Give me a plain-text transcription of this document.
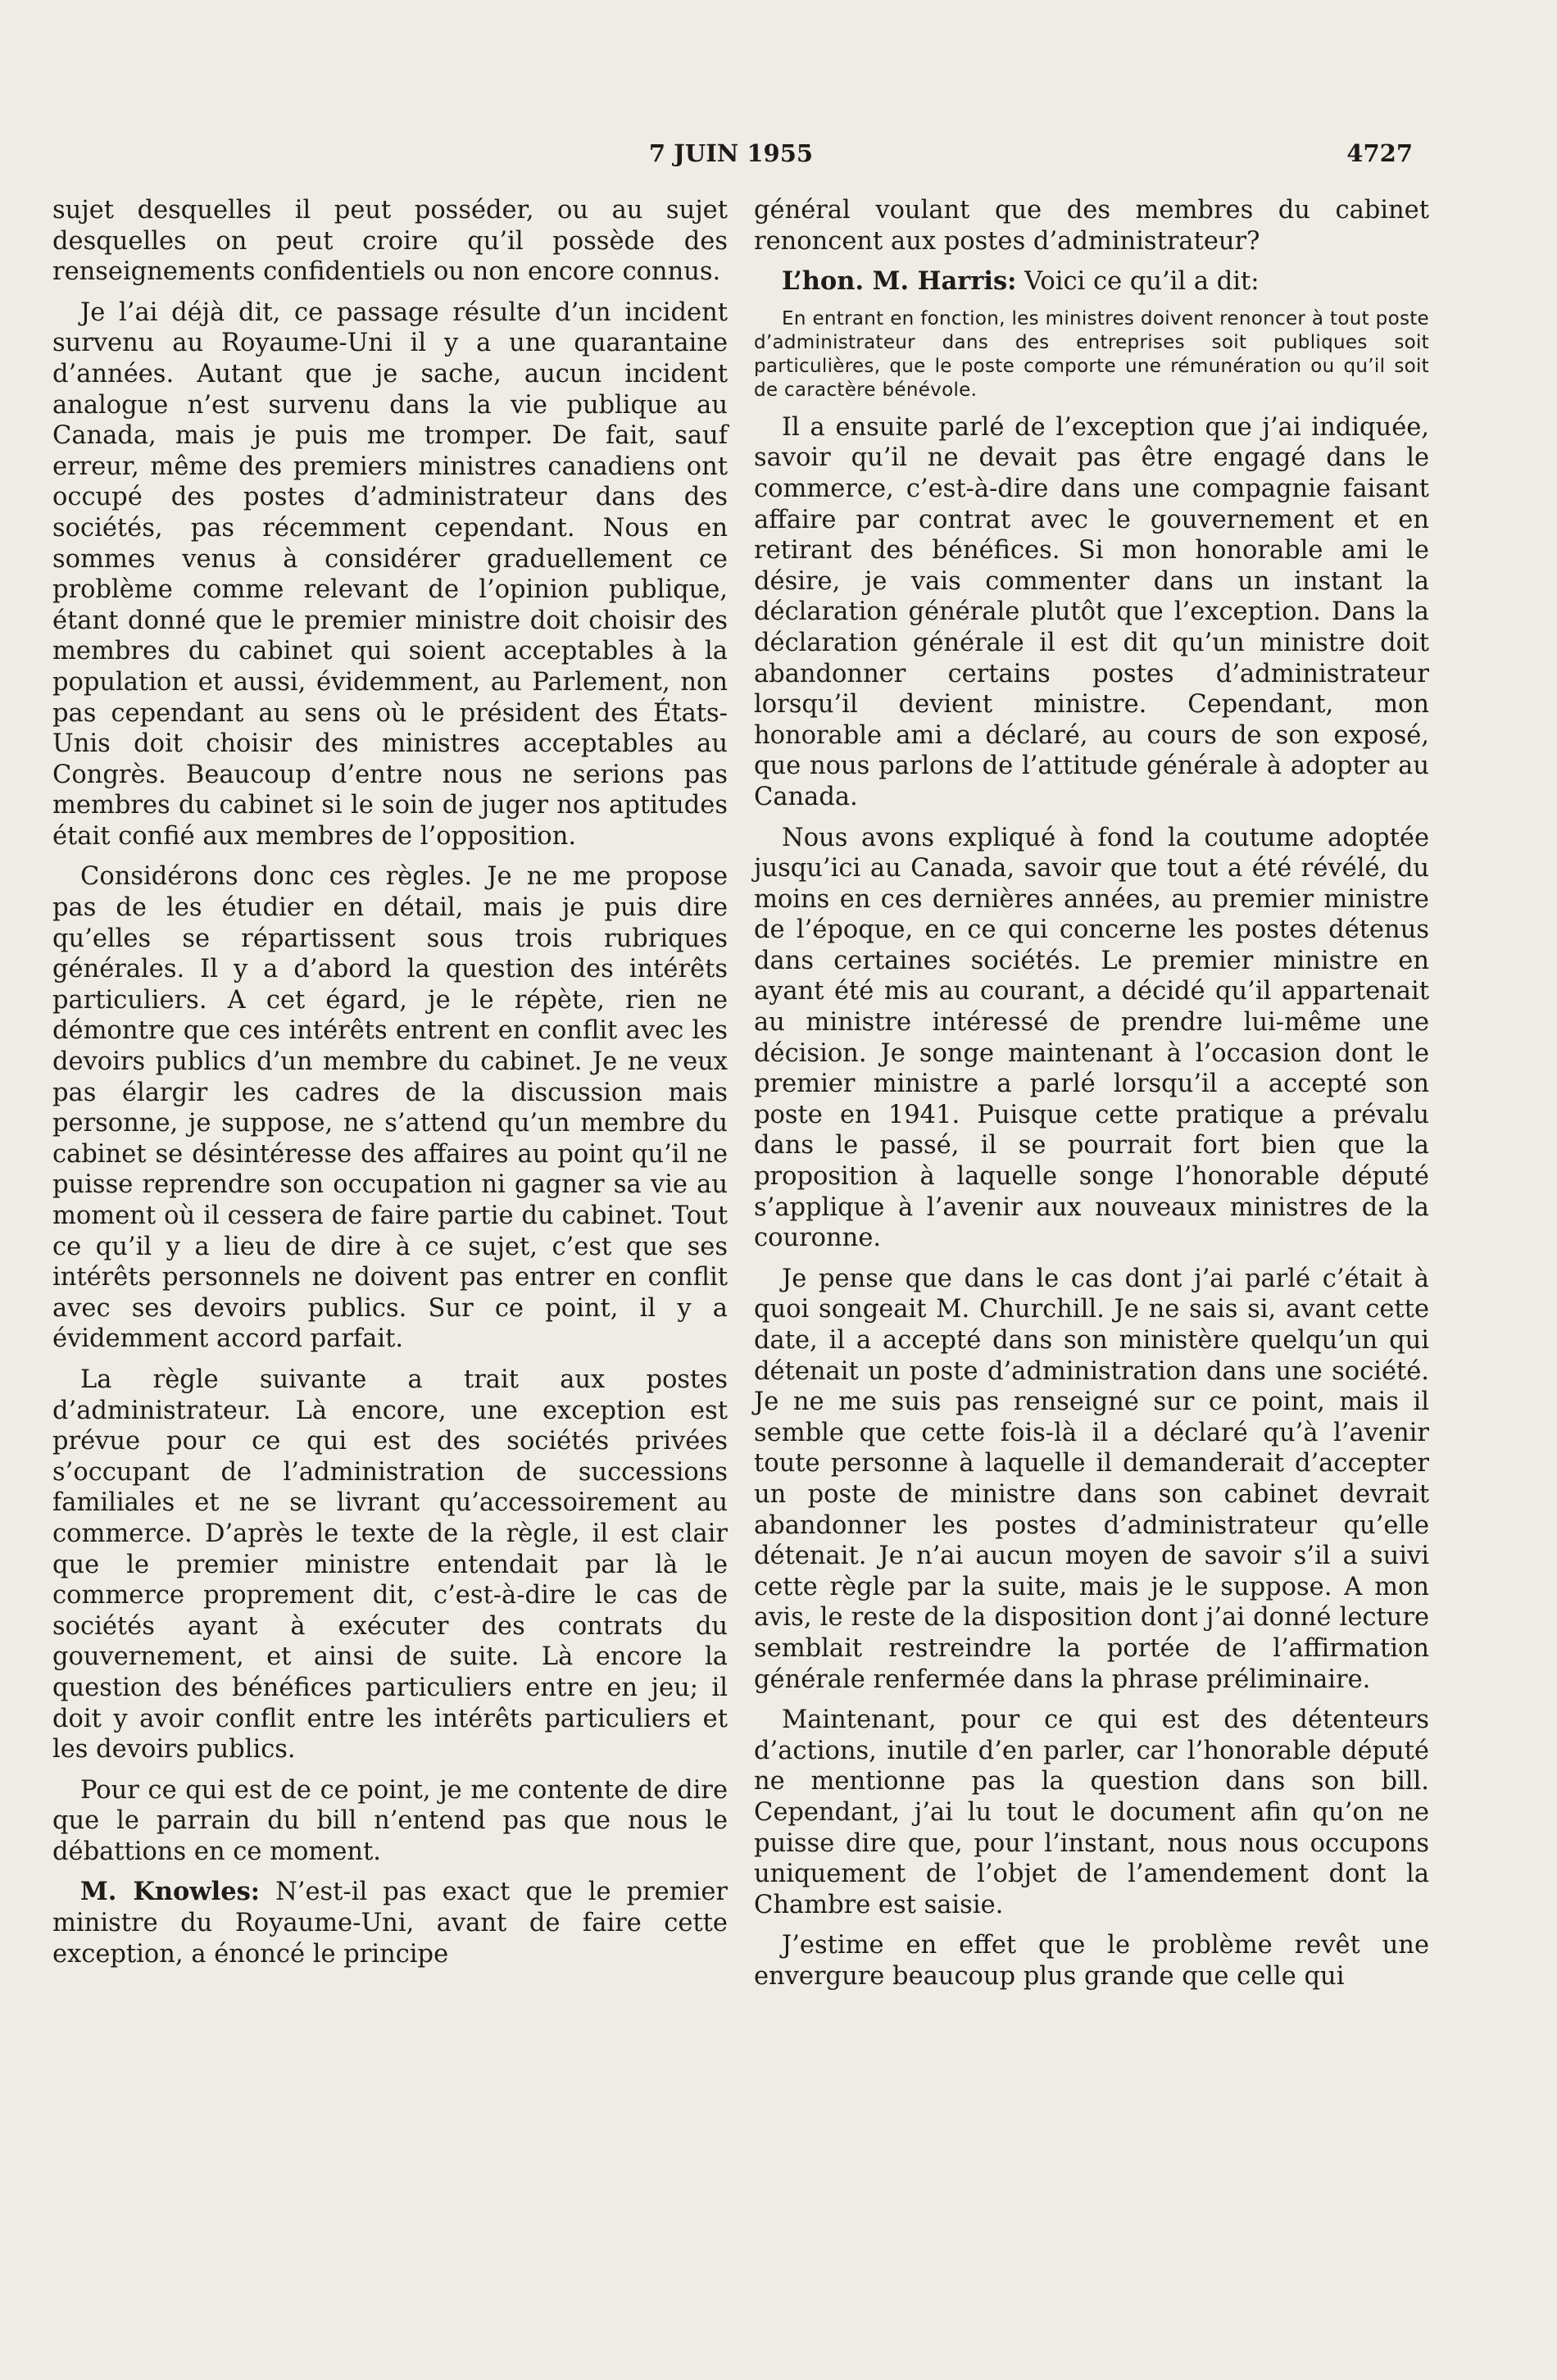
7 JUIN 1955	4727

sujet desquelles il peut posséder, ou au sujet desquelles on peut croire qu’il possède des renseignements confidentiels ou non encore connus.

Je l’ai déjà dit, ce passage résulte d’un incident survenu au Royaume-Uni il y a une quarantaine d’années. Autant que je sache, aucun incident analogue n’est survenu dans la vie publique au Canada, mais je puis me tromper. De fait, sauf erreur, même des premiers ministres canadiens ont occupé des postes d’administrateur dans des sociétés, pas récemment cependant. Nous en sommes venus à considérer graduellement ce problème comme relevant de l’opinion publique, étant donné que le premier ministre doit choisir des membres du cabinet qui soient acceptables à la population et aussi, évidemment, au Parlement, non pas cependant au sens où le président des États-Unis doit choisir des ministres acceptables au Congrès. Beaucoup d’entre nous ne serions pas membres du cabinet si le soin de juger nos aptitudes était confié aux membres de l’opposition.

Considérons donc ces règles. Je ne me propose pas de les étudier en détail, mais je puis dire qu’elles se répartissent sous trois rubriques générales. Il y a d’abord la question des intérêts particuliers. A cet égard, je le répète, rien ne démontre que ces intérêts entrent en conflit avec les devoirs publics d’un membre du cabinet. Je ne veux pas élargir les cadres de la discussion mais personne, je suppose, ne s’attend qu’un membre du cabinet se désintéresse des affaires au point qu’il ne puisse reprendre son occupation ni gagner sa vie au moment où il cessera de faire partie du cabinet. Tout ce qu’il y a lieu de dire à ce sujet, c’est que ses intérêts personnels ne doivent pas entrer en conflit avec ses devoirs publics. Sur ce point, il y a évidemment accord parfait.

La règle suivante a trait aux postes d’administrateur. Là encore, une exception est prévue pour ce qui est des sociétés privées s’occupant de l’administration de successions familiales et ne se livrant qu’accessoirement au commerce. D’après le texte de la règle, il est clair que le premier ministre entendait par là le commerce proprement dit, c’est-à-dire le cas de sociétés ayant à exécuter des contrats du gouvernement, et ainsi de suite. Là encore la question des bénéfices particuliers entre en jeu; il doit y avoir conflit entre les intérêts particuliers et les devoirs publics.

Pour ce qui est de ce point, je me contente de dire que le parrain du bill n’entend pas que nous le débattions en ce moment.

M. Knowles: N’est-il pas exact que le premier ministre du Royaume-Uni, avant de faire cette exception, a énoncé le principe

général voulant que des membres du cabinet renoncent aux postes d’administrateur?

L’hon. M. Harris: Voici ce qu’il a dit:

En entrant en fonction, les ministres doivent renoncer à tout poste d’administrateur dans des entreprises soit publiques soit particulières, que le poste comporte une rémunération ou qu’il soit de caractère bénévole.

Il a ensuite parlé de l’exception que j’ai indiquée, savoir qu’il ne devait pas être engagé dans le commerce, c’est-à-dire dans une compagnie faisant affaire par contrat avec le gouvernement et en retirant des bénéfices. Si mon honorable ami le désire, je vais commenter dans un instant la déclaration générale plutôt que l’exception. Dans la déclaration générale il est dit qu’un ministre doit abandonner certains postes d’administrateur lorsqu’il devient ministre. Cependant, mon honorable ami a déclaré, au cours de son exposé, que nous parlons de l’attitude générale à adopter au Canada.

Nous avons expliqué à fond la coutume adoptée jusqu’ici au Canada, savoir que tout a été révélé, du moins en ces dernières années, au premier ministre de l’époque, en ce qui concerne les postes détenus dans certaines sociétés. Le premier ministre en ayant été mis au courant, a décidé qu’il appartenait au ministre intéressé de prendre lui-même une décision. Je songe maintenant à l’occasion dont le premier ministre a parlé lorsqu’il a accepté son poste en 1941. Puisque cette pratique a prévalu dans le passé, il se pourrait fort bien que la proposition à laquelle songe l’honorable député s’applique à l’avenir aux nouveaux ministres de la couronne.

Je pense que dans le cas dont j’ai parlé c’était à quoi songeait M. Churchill. Je ne sais si, avant cette date, il a accepté dans son ministère quelqu’un qui détenait un poste d’administration dans une société. Je ne me suis pas renseigné sur ce point, mais il semble que cette fois-là il a déclaré qu’à l’avenir toute personne à laquelle il demanderait d’accepter un poste de ministre dans son cabinet devrait abandonner les postes d’administrateur qu’elle détenait. Je n’ai aucun moyen de savoir s’il a suivi cette règle par la suite, mais je le suppose. A mon avis, le reste de la disposition dont j’ai donné lecture semblait restreindre la portée de l’affirmation générale renfermée dans la phrase préliminaire.

Maintenant, pour ce qui est des détenteurs d’actions, inutile d’en parler, car l’honorable député ne mentionne pas la question dans son bill. Cependant, j’ai lu tout le document afin qu’on ne puisse dire que, pour l’instant, nous nous occupons uniquement de l’objet de l’amendement dont la Chambre est saisie.

J’estime en effet que le problème revêt une envergure beaucoup plus grande que celle qui
